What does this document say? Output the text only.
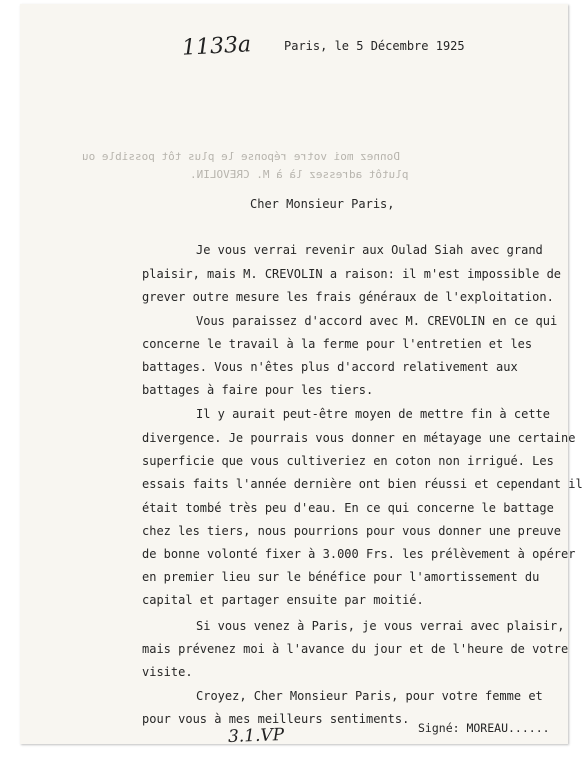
1133a	Paris, le 5 Décembre 1925
Donnez moi votre réponse le plus tôt possible ou
plutôt adressez là à M. CREVOLIN.
Cher Monsieur Paris,
Je vous verrai revenir aux Oulad Siah avec grand
plaisir, mais M. CREVOLIN a raison: il m'est impossible de
grever outre mesure les frais généraux de l'exploitation.
Vous paraissez d'accord avec M. CREVOLIN en ce qui
concerne le travail à la ferme pour l'entretien et les
battages. Vous n'êtes plus d'accord relativement aux
battages à faire pour les tiers.
Il y aurait peut-être moyen de mettre fin à cette
divergence. Je pourrais vous donner en métayage une certaine
superficie que vous cultiveriez en coton non irrigué. Les
essais faits l'année dernière ont bien réussi et cependant il
était tombé très peu d'eau. En ce qui concerne le battage
chez les tiers, nous pourrions pour vous donner une preuve
de bonne volonté fixer à 3.000 Frs. les prélèvement à opérer
en premier lieu sur le bénéfice pour l'amortissement du
capital et partager ensuite par moitié.
Si vous venez à Paris, je vous verrai avec plaisir,
mais prévenez moi à l'avance du jour et de l'heure de votre
visite.
Croyez, Cher Monsieur Paris, pour votre femme et
pour vous à mes meilleurs sentiments.
3.1.VP	Signé: MOREAU......
